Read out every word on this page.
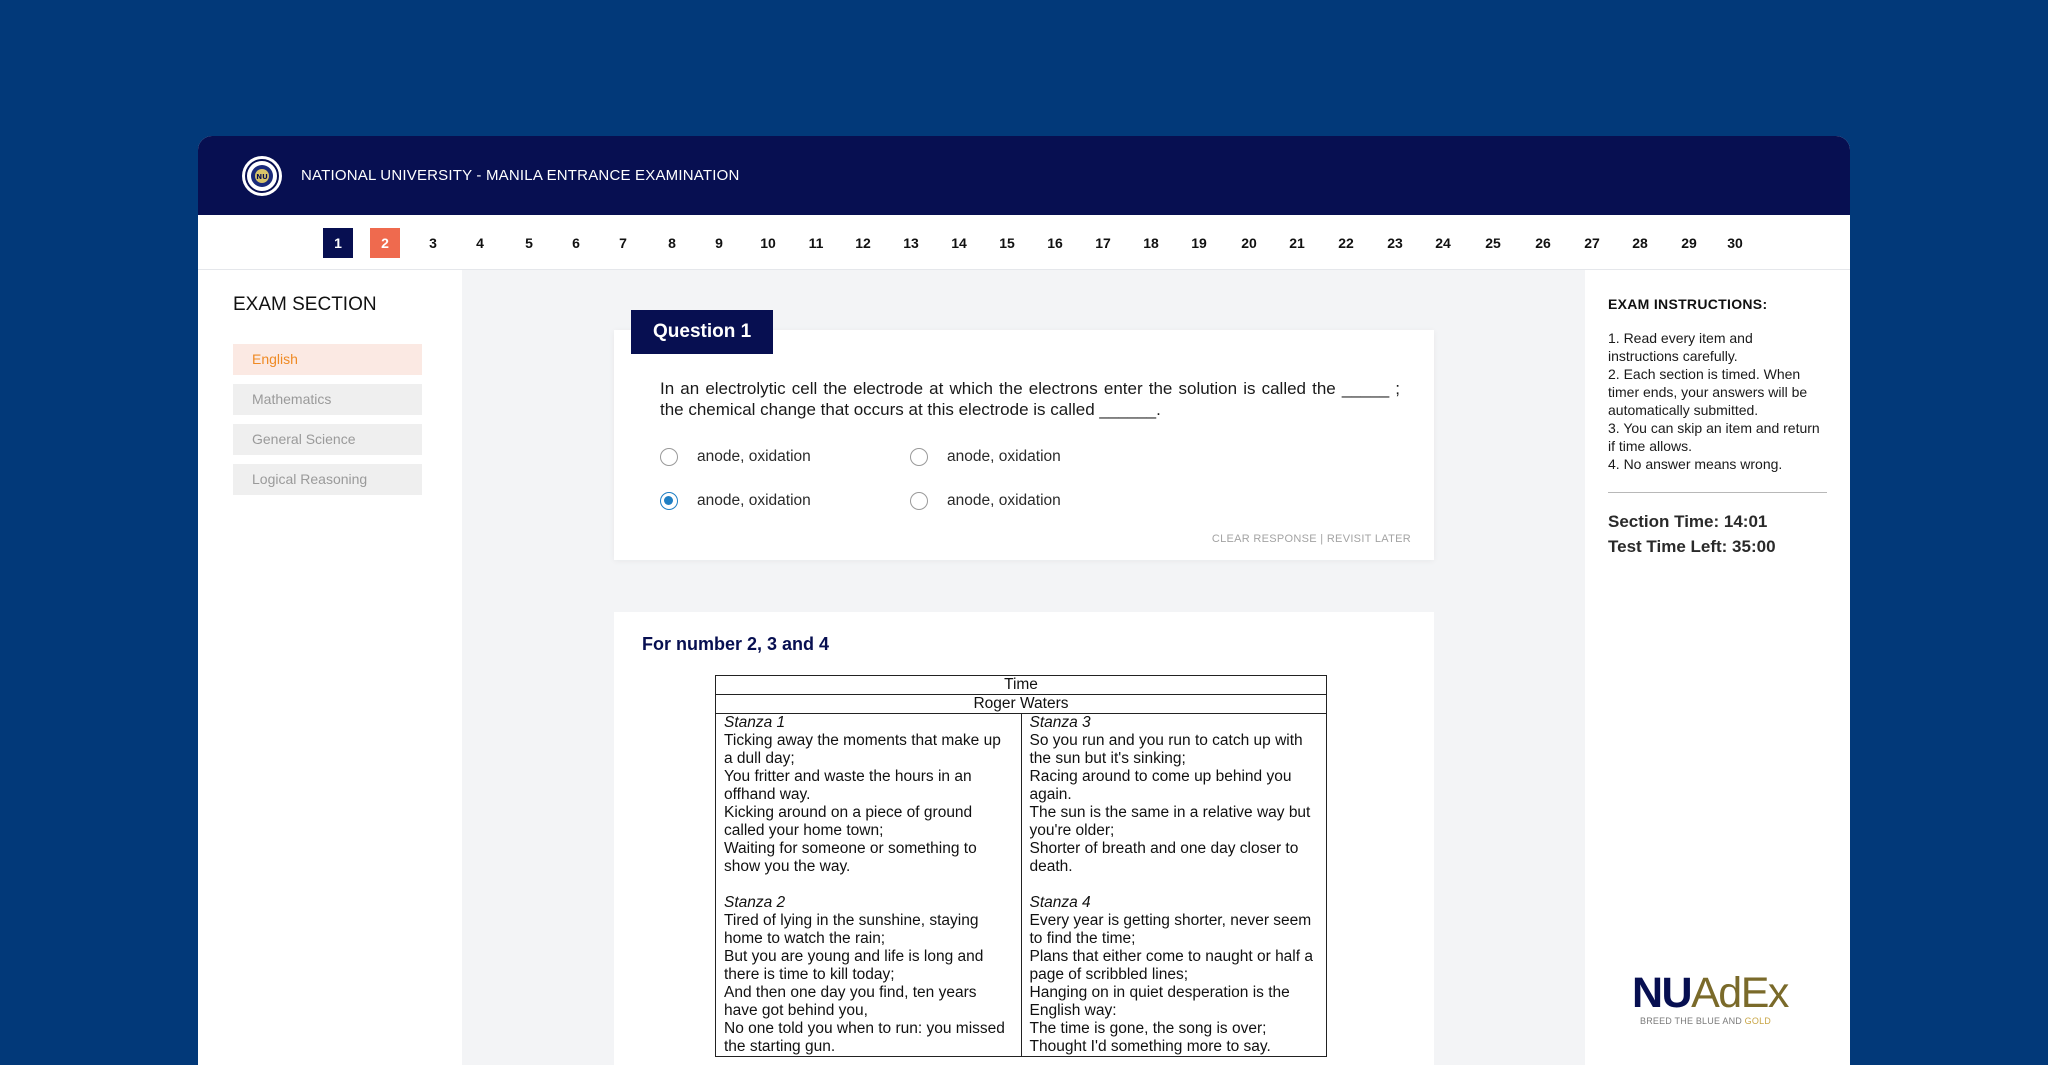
NU NATIONAL UNIVERSITY - MANILA ENTRANCE EXAMINATION
1	2	3	4	5	6	7	8	9	10	11	12	13	14	15	16	17	18	19	20	21	22	23	24	25	26	27	28	29	30
EXAM SECTION
English
Mathematics
General Science
Logical Reasoning
In an electrolytic cell the electrode at which the electrons enter the solution is called the _____ ; the chemical change that occurs at this electrode is called ______.
anode, oxidation	anode, oxidation
anode, oxidation	anode, oxidation
CLEAR RESPONSE | REVISIT LATER
Question 1
For number 2, 3 and 4
Time
Roger Waters

Stanza 1
Ticking away the moments that make up
a dull day;
You fritter and waste the hours in an
offhand way.
Kicking around on a piece of ground
called your home town;
Waiting for someone or something to
show you the way.
Stanza 2
Tired of lying in the sunshine, staying
home to watch the rain;
But you are young and life is long and
there is time to kill today;
And then one day you find, ten years
have got behind you,
No one told you when to run: you missed
the starting gun.

Stanza 3
So you run and you run to catch up with
the sun but it's sinking;
Racing around to come up behind you
again.
The sun is the same in a relative way but
you're older;
Shorter of breath and one day closer to
death.
Stanza 4
Every year is getting shorter, never seem
to find the time;
Plans that either come to naught or half a
page of scribbled lines;
Hanging on in quiet desperation is the
English way:
The time is gone, the song is over;
Thought I'd something more to say.
EXAM INSTRUCTIONS:
1. Read every item and instructions carefully.
2. Each section is timed. When timer ends, your answers will be automatically submitted.
3. You can skip an item and return if time allows.
4. No answer means wrong.
Section Time: 14:01
Test Time Left: 35:00
NUAdEx
BREED THE BLUE AND GOLD
